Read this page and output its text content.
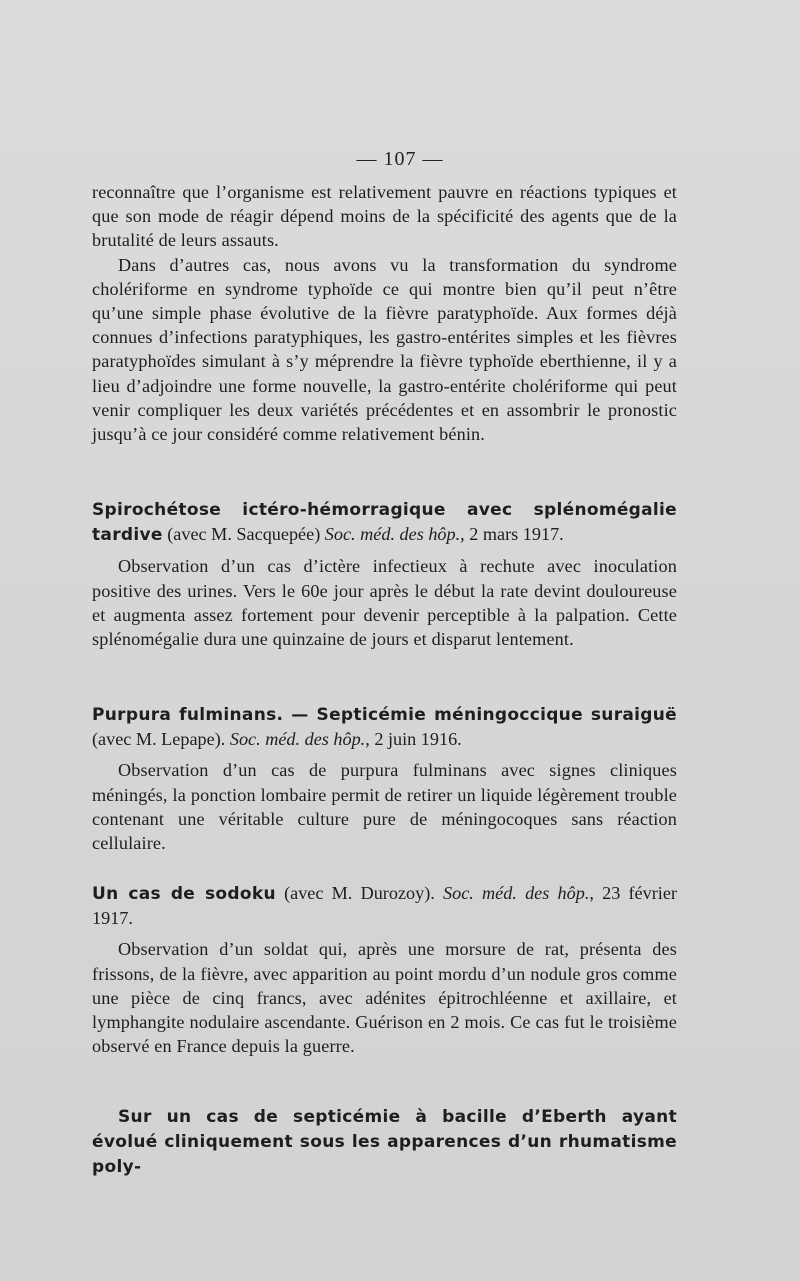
— 107 —

reconnaître que l’organisme est relativement pauvre en réactions typiques et que son mode de réagir dépend moins de la spécificité des agents que de la brutalité de leurs assauts.

Dans d’autres cas, nous avons vu la transformation du syndrome cholériforme en syndrome typhoïde ce qui montre bien qu’il peut n’être qu’une simple phase évolutive de la fièvre paratyphoïde. Aux formes déjà connues d’infections paratyphiques, les gastro-entérites simples et les fièvres paratyphoïdes simulant à s’y méprendre la fièvre typhoïde eberthienne, il y a lieu d’adjoindre une forme nouvelle, la gastro-entérite cholériforme qui peut venir compliquer les deux variétés précédentes et en assombrir le pronostic jusqu’à ce jour considéré comme relativement bénin.

Spirochétose ictéro-hémorragique avec splénomégalie tardive (avec M. Sacquepée) Soc. méd. des hôp., 2 mars 1917.

Observation d’un cas d’ictère infectieux à rechute avec inoculation positive des urines. Vers le 60e jour après le début la rate devint douloureuse et augmenta assez fortement pour devenir perceptible à la palpation. Cette splénomégalie dura une quinzaine de jours et disparut lentement.

Purpura fulminans. — Septicémie méningoccique suraiguë (avec M. Lepape). Soc. méd. des hôp., 2 juin 1916.

Observation d’un cas de purpura fulminans avec signes cliniques méningés, la ponction lombaire permit de retirer un liquide légèrement trouble contenant une véritable culture pure de méningocoques sans réaction cellulaire.

Un cas de sodoku (avec M. Durozoy). Soc. méd. des hôp., 23 février 1917.

Observation d’un soldat qui, après une morsure de rat, présenta des frissons, de la fièvre, avec apparition au point mordu d’un nodule gros comme une pièce de cinq francs, avec adénites épitrochléenne et axillaire, et lymphangite nodulaire ascendante. Guérison en 2 mois. Ce cas fut le troisième observé en France depuis la guerre.

Sur un cas de septicémie à bacille d’Eberth ayant évolué cliniquement sous les apparences d’un rhumatisme poly-
